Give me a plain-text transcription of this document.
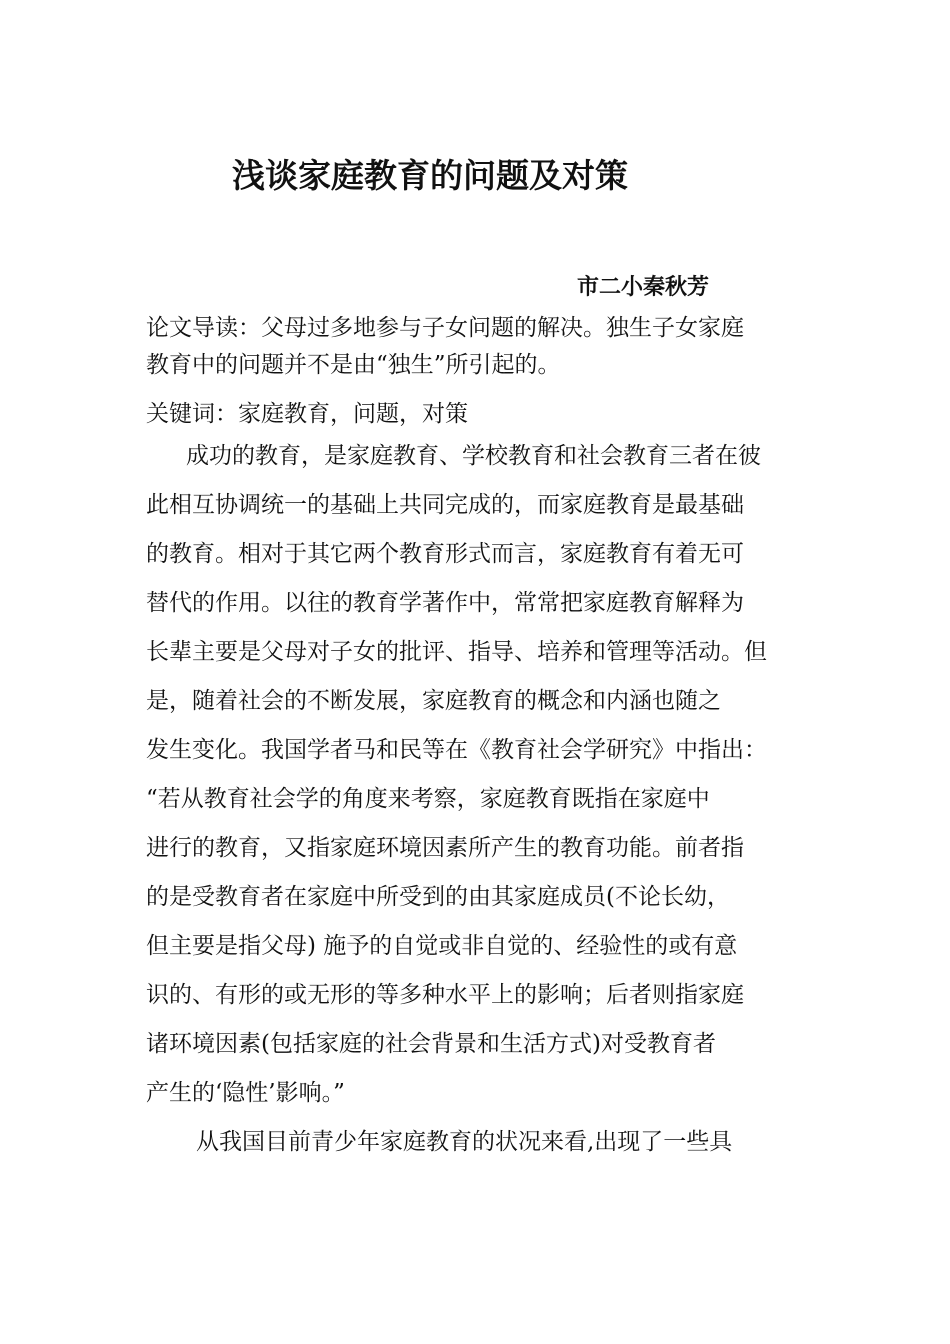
浅谈家庭教育的问题及对策

市二小秦秋芳

论文导读：父母过多地参与子女问题的解决。独生子女家庭
教育中的问题并不是由“独生”所引起的。
关键词：家庭教育，问题，对策
成功的教育，是家庭教育、学校教育和社会教育三者在彼
此相互协调统一的基础上共同完成的，而家庭教育是最基础
的教育。相对于其它两个教育形式而言，家庭教育有着无可
替代的作用。以往的教育学著作中，常常把家庭教育解释为
长辈主要是父母对子女的批评、指导、培养和管理等活动。但
是，随着社会的不断发展，家庭教育的概念和内涵也随之
发生变化。我国学者马和民等在《教育社会学研究》中指出：
“若从教育社会学的角度来考察，家庭教育既指在家庭中
进行的教育，又指家庭环境因素所产生的教育功能。前者指
的是受教育者在家庭中所受到的由其家庭成员(不论长幼，
但主要是指父母) 施予的自觉或非自觉的、经验性的或有意
识的、有形的或无形的等多种水平上的影响；后者则指家庭
诸环境因素(包括家庭的社会背景和生活方式)对受教育者
产生的‘隐性’影响。”
从我国目前青少年家庭教育的状况来看,出现了一些具
